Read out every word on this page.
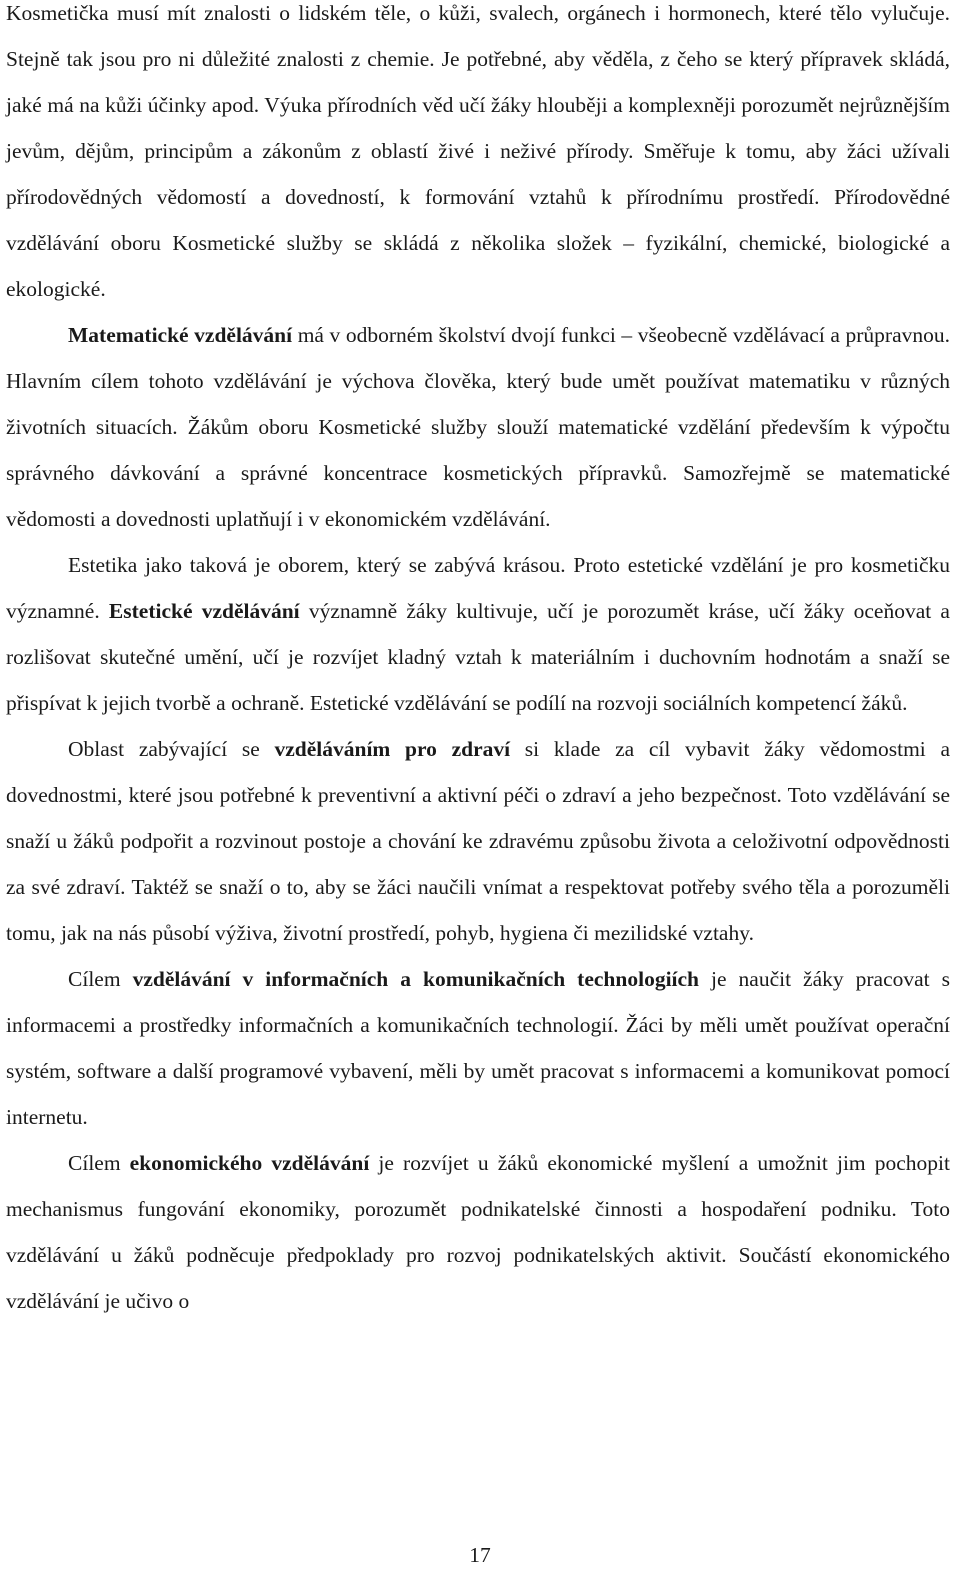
Kosmetička musí mít znalosti o lidském těle, o kůži, svalech, orgánech i hormonech, které tělo vylučuje. Stejně tak jsou pro ni důležité znalosti z chemie. Je potřebné, aby věděla, z čeho se který přípravek skládá, jaké má na kůži účinky apod. Výuka přírodních věd učí žáky hlouběji a komplexněji porozumět nejrůznějším jevům, dějům, principům a zákonům z oblastí živé i neživé přírody. Směřuje k tomu, aby žáci užívali přírodovědných vědomostí a dovedností, k formování vztahů k přírodnímu prostředí. Přírodovědné vzdělávání oboru Kosmetické služby se skládá z několika složek – fyzikální, chemické, biologické a ekologické.

Matematické vzdělávání má v odborném školství dvojí funkci – všeobecně vzdělávací a průpravnou. Hlavním cílem tohoto vzdělávání je výchova člověka, který bude umět používat matematiku v různých životních situacích. Žákům oboru Kosmetické služby slouží matematické vzdělání především k výpočtu správného dávkování a správné koncentrace kosmetických přípravků. Samozřejmě se matematické vědomosti a dovednosti uplatňují i v ekonomickém vzdělávání.

Estetika jako taková je oborem, který se zabývá krásou. Proto estetické vzdělání je pro kosmetičku významné. Estetické vzdělávání významně žáky kultivuje, učí je porozumět kráse, učí žáky oceňovat a rozlišovat skutečné umění, učí je rozvíjet kladný vztah k materiálním i duchovním hodnotám a snaží se přispívat k jejich tvorbě a ochraně. Estetické vzdělávání se podílí na rozvoji sociálních kompetencí žáků.

Oblast zabývající se vzděláváním pro zdraví si klade za cíl vybavit žáky vědomostmi a dovednostmi, které jsou potřebné k preventivní a aktivní péči o zdraví a jeho bezpečnost. Toto vzdělávání se snaží u žáků podpořit a rozvinout postoje a chování ke zdravému způsobu života a celoživotní odpovědnosti za své zdraví. Taktéž se snaží o to, aby se žáci naučili vnímat a respektovat potřeby svého těla a porozuměli tomu, jak na nás působí výživa, životní prostředí, pohyb, hygiena či mezilidské vztahy.

Cílem vzdělávání v informačních a komunikačních technologiích je naučit žáky pracovat s informacemi a prostředky informačních a komunikačních technologií. Žáci by měli umět používat operační systém, software a další programové vybavení, měli by umět pracovat s informacemi a komunikovat pomocí internetu.

Cílem ekonomického vzdělávání je rozvíjet u žáků ekonomické myšlení a umožnit jim pochopit mechanismus fungování ekonomiky, porozumět podnikatelské činnosti a hospodaření podniku. Toto vzdělávání u žáků podněcuje předpoklady pro rozvoj podnikatelských aktivit. Součástí ekonomického vzdělávání je učivo o

17
